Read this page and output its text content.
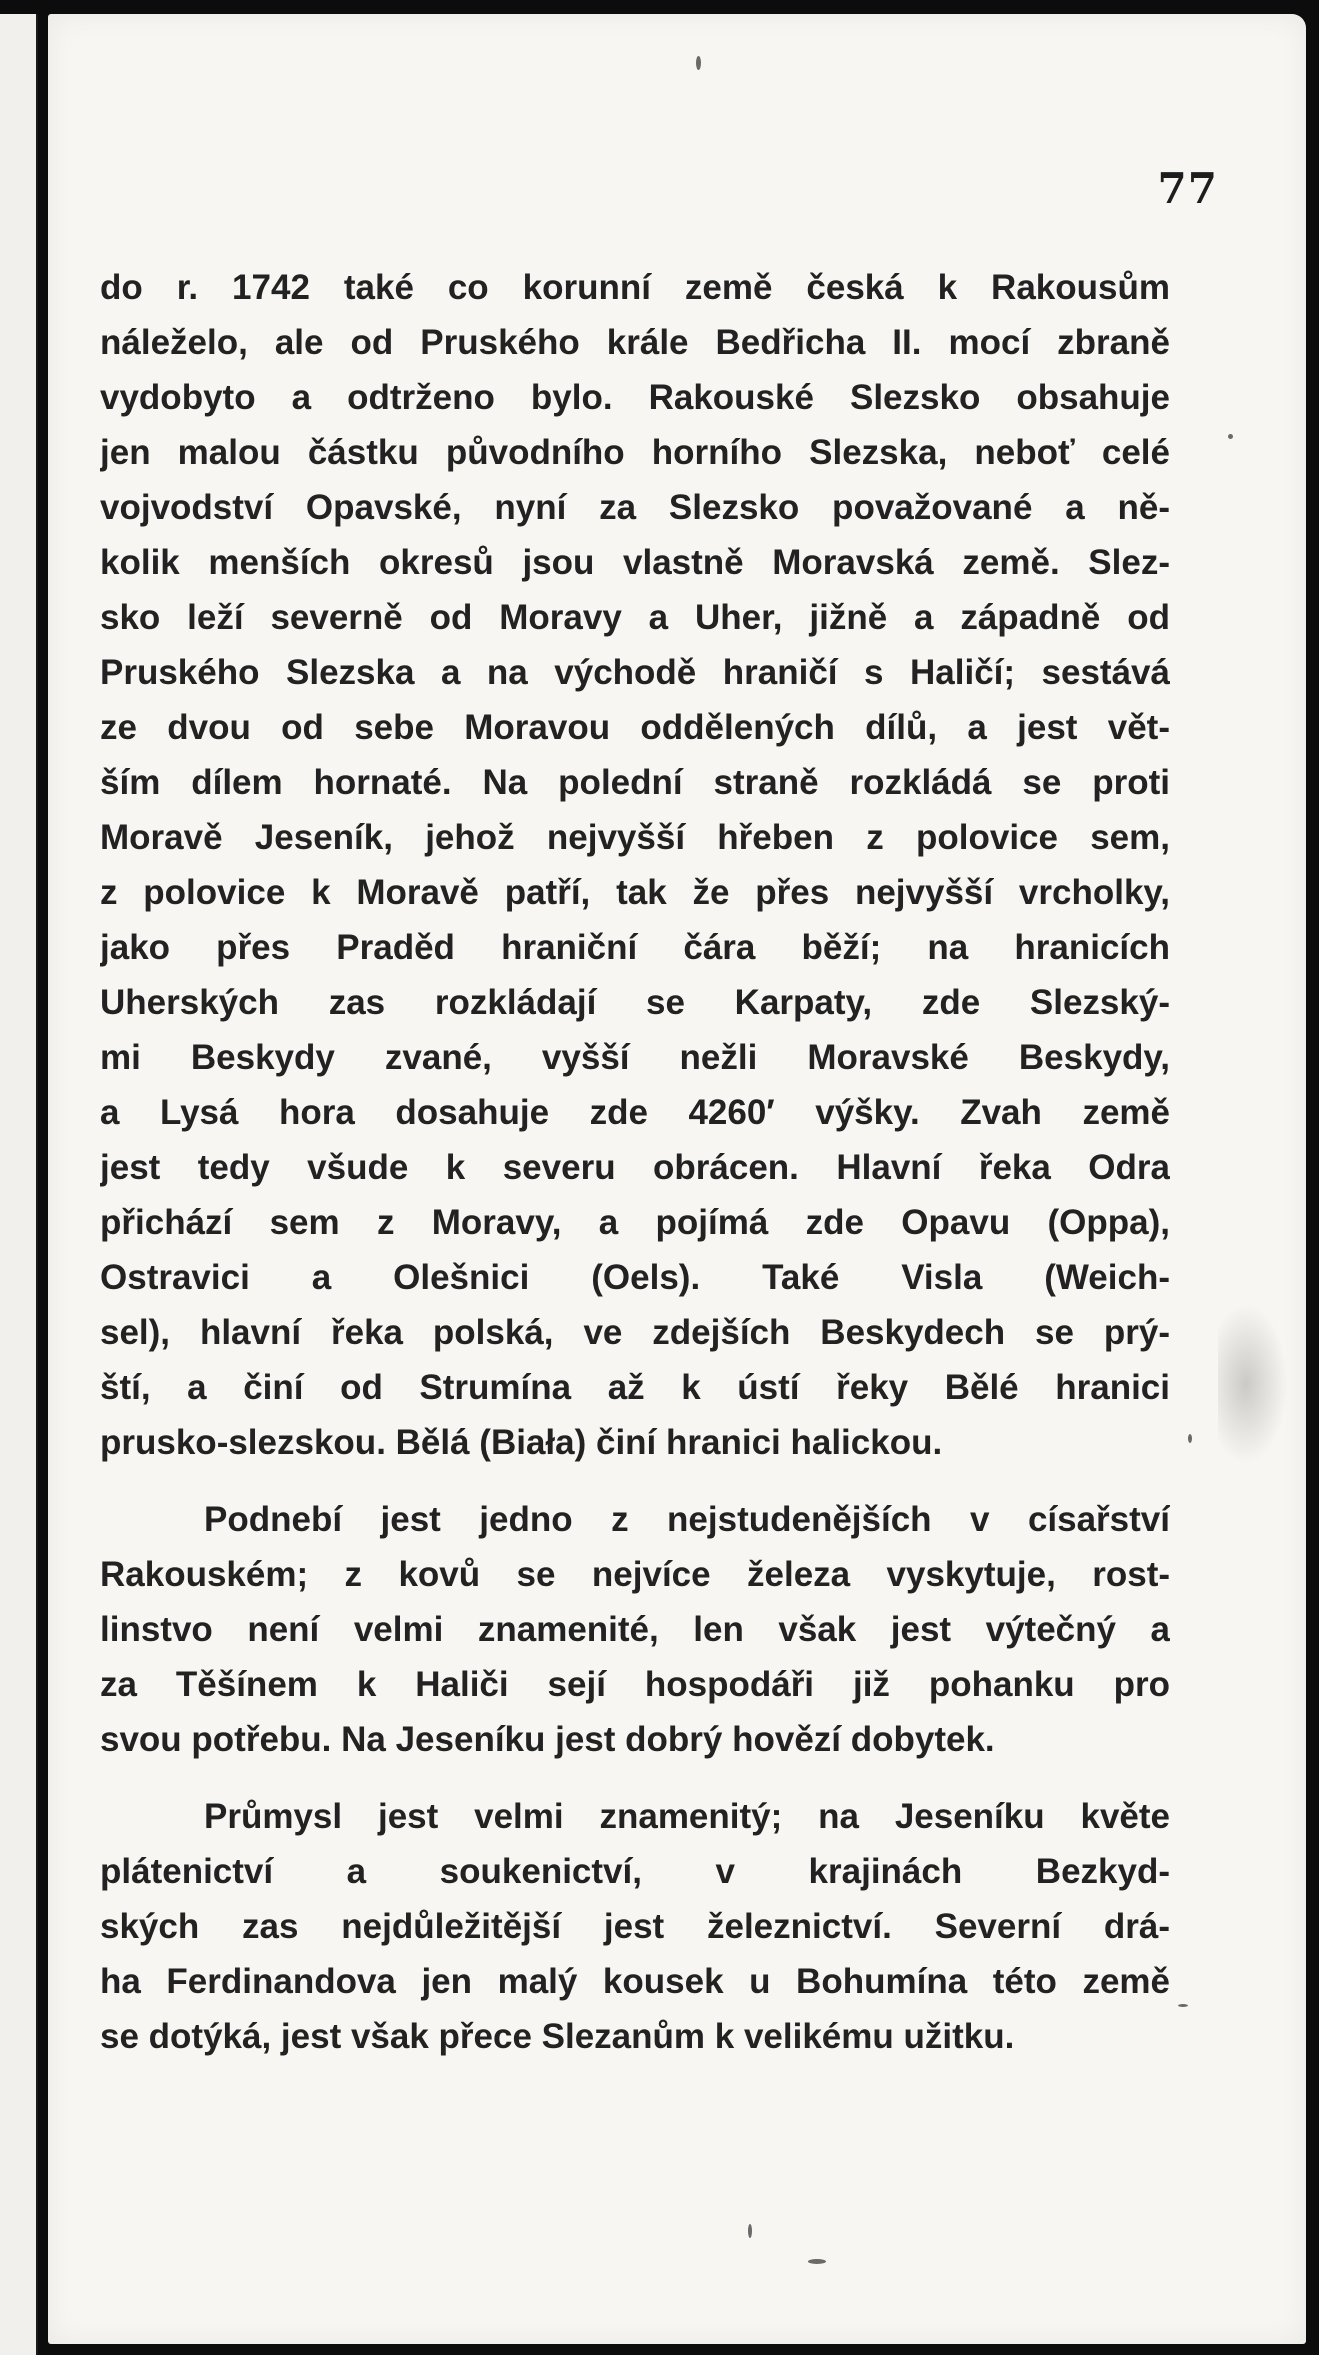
77

do r. 1742 také co korunní země česká k Rakousům
náleželo, ale od Pruského krále Bedřicha II. mocí zbraně
vydobyto a odtrženo bylo. Rakouské Slezsko obsahuje
jen malou částku původního horního Slezska, neboť celé
vojvodství Opavské, nyní za Slezsko považované a ně-
kolik menších okresů jsou vlastně Moravská země. Slez-
sko leží severně od Moravy a Uher, jižně a západně od
Pruského Slezska a na východě hraničí s Haličí; sestává
ze dvou od sebe Moravou oddělených dílů, a jest vět-
ším dílem hornaté. Na polední straně rozkládá se proti
Moravě Jeseník, jehož nejvyšší hřeben z polovice sem,
z polovice k Moravě patří, tak že přes nejvyšší vrcholky,
jako přes Praděd hraniční čára běží; na hranicích
Uherských zas rozkládají se Karpaty, zde Slezský-
mi Beskydy zvané, vyšší nežli Moravské Beskydy,
a Lysá hora dosahuje zde 4260′ výšky. Zvah země
jest tedy všude k severu obrácen. Hlavní řeka Odra
přichází sem z Moravy, a pojímá zde Opavu (Oppa),
Ostravici a Olešnici (Oels). Také Visla (Weich-
sel), hlavní řeka polská, ve zdejších Beskydech se prý-
ští, a činí od Strumína až k ústí řeky Bělé hranici
prusko-slezskou. Bělá (Biała) činí hranici halickou.

Podnebí jest jedno z nejstudenějších v císařství
Rakouském; z kovů se nejvíce železa vyskytuje, rost-
linstvo není velmi znamenité, len však jest výtečný a
za Těšínem k Haliči sejí hospodáři již pohanku pro
svou potřebu. Na Jeseníku jest dobrý hovězí dobytek.

Průmysl jest velmi znamenitý; na Jeseníku květe
plátenictví a soukenictví, v krajinách Bezkyd-
ských zas nejdůležitější jest železnictví. Severní drá-
ha Ferdinandova jen malý kousek u Bohumína této země
se dotýká, jest však přece Slezanům k velikému užitku.
